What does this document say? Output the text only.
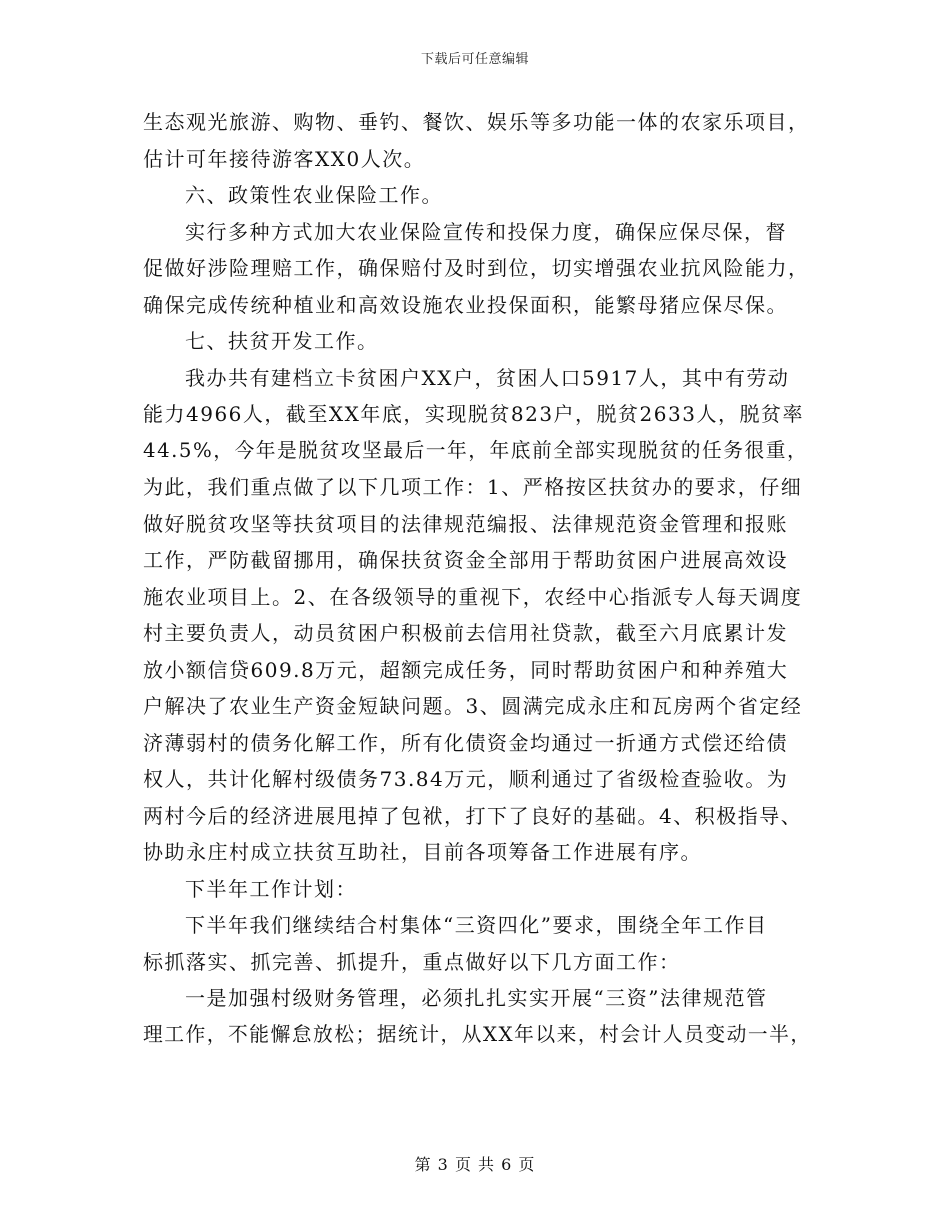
下载后可任意编辑
生态观光旅游、购物、垂钓、餐饮、娱乐等多功能一体的农家乐项目，
估计可年接待游客XX0人次。
六、政策性农业保险工作。
实行多种方式加大农业保险宣传和投保力度，确保应保尽保，督
促做好涉险理赔工作，确保赔付及时到位，切实增强农业抗风险能力，
确保完成传统种植业和高效设施农业投保面积，能繁母猪应保尽保。
七、扶贫开发工作。
我办共有建档立卡贫困户XX户，贫困人口5917人，其中有劳动
能力4966人，截至XX年底，实现脱贫823户，脱贫2633人，脱贫率
44.5%，今年是脱贫攻坚最后一年，年底前全部实现脱贫的任务很重，
为此，我们重点做了以下几项工作：1、严格按区扶贫办的要求，仔细
做好脱贫攻坚等扶贫项目的法律规范编报、法律规范资金管理和报账
工作，严防截留挪用，确保扶贫资金全部用于帮助贫困户进展高效设
施农业项目上。2、在各级领导的重视下，农经中心指派专人每天调度
村主要负责人，动员贫困户积极前去信用社贷款，截至六月底累计发
放小额信贷609.8万元，超额完成任务，同时帮助贫困户和种养殖大
户解决了农业生产资金短缺问题。3、圆满完成永庄和瓦房两个省定经
济薄弱村的债务化解工作，所有化债资金均通过一折通方式偿还给债
权人，共计化解村级债务73.84万元，顺利通过了省级检查验收。为
两村今后的经济进展甩掉了包袱，打下了良好的基础。4、积极指导、
协助永庄村成立扶贫互助社，目前各项筹备工作进展有序。
下半年工作计划：
下半年我们继续结合村集体“三资四化”要求，围绕全年工作目
标抓落实、抓完善、抓提升，重点做好以下几方面工作：
一是加强村级财务管理，必须扎扎实实开展“三资”法律规范管
理工作，不能懈怠放松；据统计，从XX年以来，村会计人员变动一半，
第 3 页 共 6 页
